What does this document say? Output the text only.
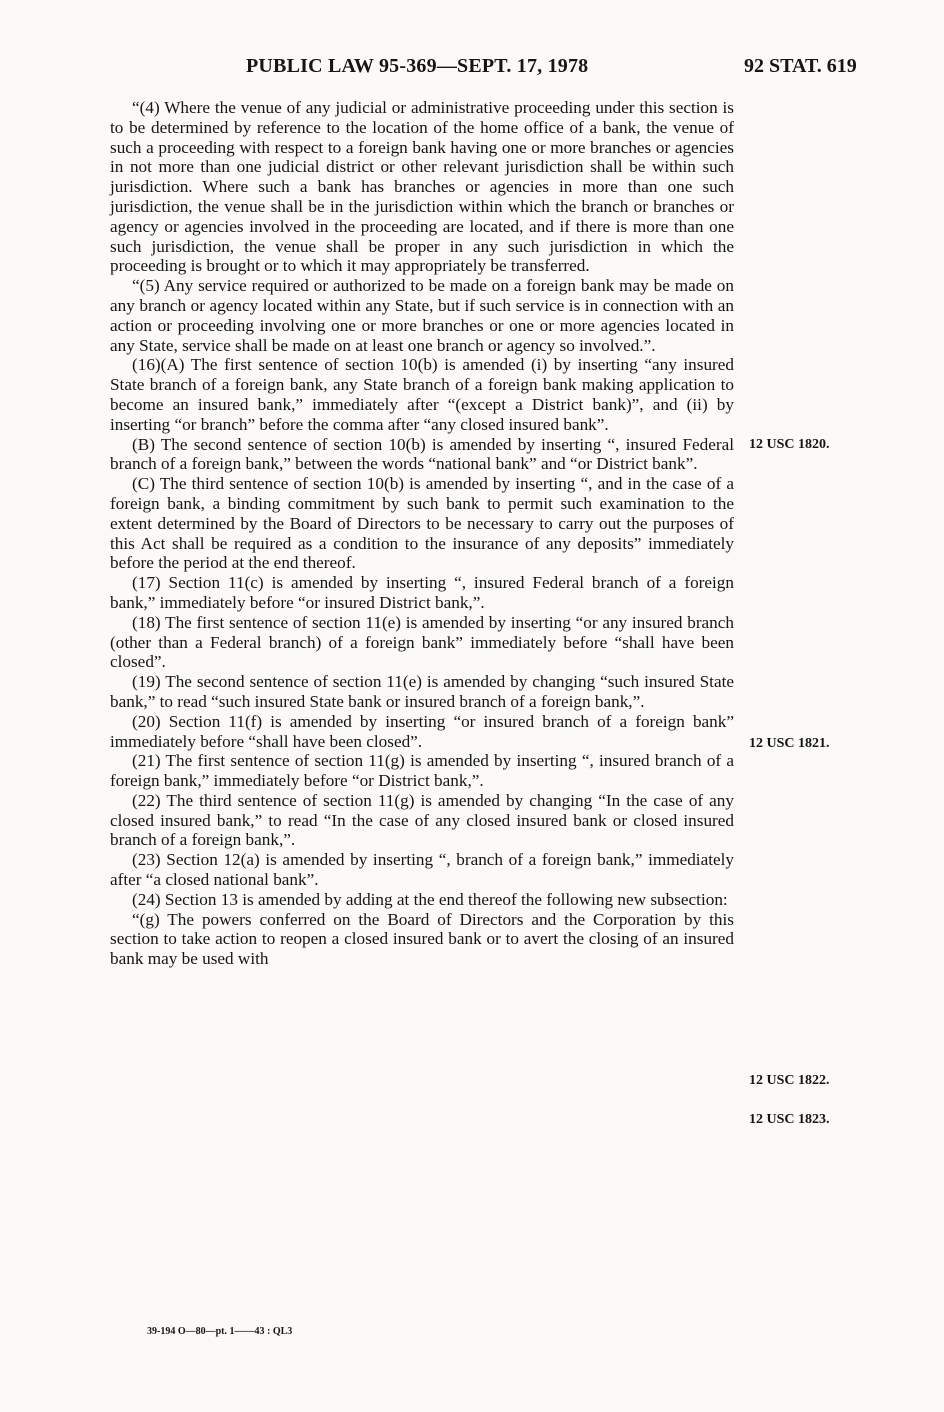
PUBLIC LAW 95-369—SEPT. 17, 1978	92 STAT. 619

“(4) Where the venue of any judicial or administrative proceeding under this section is to be determined by reference to the location of the home office of a bank, the venue of such a proceeding with respect to a foreign bank having one or more branches or agencies in not more than one judicial district or other relevant jurisdiction shall be within such jurisdiction. Where such a bank has branches or agencies in more than one such jurisdiction, the venue shall be in the jurisdiction within which the branch or branches or agency or agencies involved in the proceeding are located, and if there is more than one such jurisdiction, the venue shall be proper in any such jurisdiction in which the proceeding is brought or to which it may appropriately be transferred.

“(5) Any service required or authorized to be made on a foreign bank may be made on any branch or agency located within any State, but if such service is in connection with an action or proceeding involving one or more branches or one or more agencies located in any State, service shall be made on at least one branch or agency so involved.”.

(16)(A) The first sentence of section 10(b) is amended (i) by inserting “any insured State branch of a foreign bank, any State branch of a foreign bank making application to become an insured bank,” immediately after “(except a District bank)”, and (ii) by inserting “or branch” before the comma after “any closed insured bank”.

(B) The second sentence of section 10(b) is amended by inserting “, insured Federal branch of a foreign bank,” between the words “national bank” and “or District bank”.

(C) The third sentence of section 10(b) is amended by inserting “, and in the case of a foreign bank, a binding commitment by such bank to permit such examination to the extent determined by the Board of Directors to be necessary to carry out the purposes of this Act shall be required as a condition to the insurance of any deposits” immediately before the period at the end thereof.

(17) Section 11(c) is amended by inserting “, insured Federal branch of a foreign bank,” immediately before “or insured District bank,”.

(18) The first sentence of section 11(e) is amended by inserting “or any insured branch (other than a Federal branch) of a foreign bank” immediately before “shall have been closed”.

(19) The second sentence of section 11(e) is amended by changing “such insured State bank,” to read “such insured State bank or insured branch of a foreign bank,”.

(20) Section 11(f) is amended by inserting “or insured branch of a foreign bank” immediately before “shall have been closed”.

(21) The first sentence of section 11(g) is amended by inserting “, insured branch of a foreign bank,” immediately before “or District bank,”.

(22) The third sentence of section 11(g) is amended by changing “In the case of any closed insured bank,” to read “In the case of any closed insured bank or closed insured branch of a foreign bank,”.

(23) Section 12(a) is amended by inserting “, branch of a foreign bank,” immediately after “a closed national bank”.

(24) Section 13 is amended by adding at the end thereof the following new subsection:

“(g) The powers conferred on the Board of Directors and the Corporation by this section to take action to reopen a closed insured bank or to avert the closing of an insured bank may be used with

12 USC 1820.
12 USC 1821.
12 USC 1822.
12 USC 1823.
39-194 O—80—pt. 1——43 : QL3
